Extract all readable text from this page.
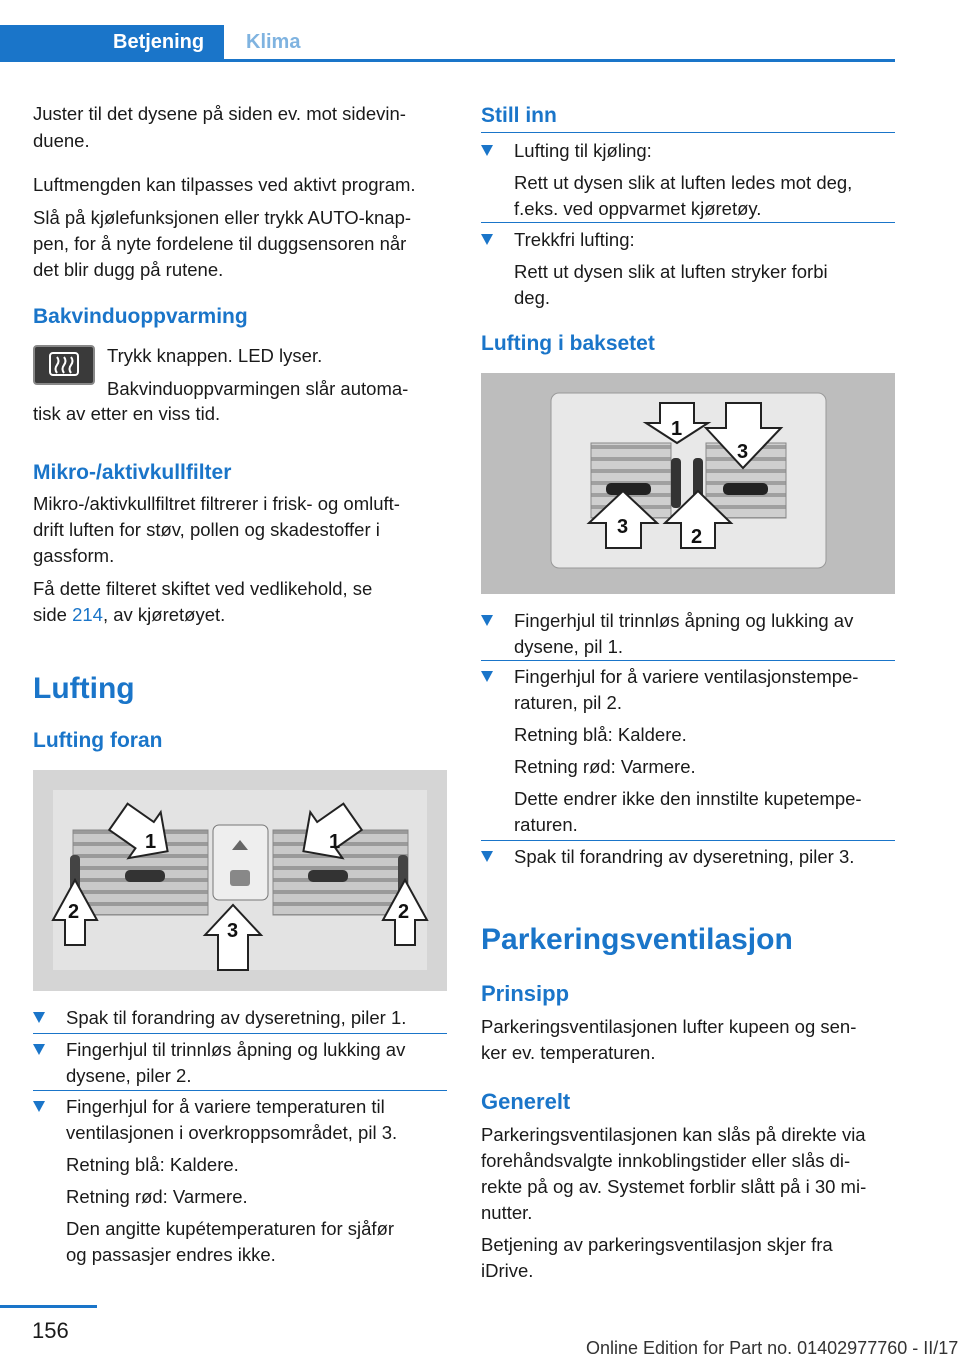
Betjening	Klima

Juster til det dysene på siden ev. mot sidevin-

duene.

Luftmengden kan tilpasses ved aktivt program.

Slå på kjølefunksjonen eller trykk AUTO-knap-

pen, for å nyte fordelene til duggsensoren når

det blir dugg på rutene.

Bakvinduoppvarming

Trykk knappen. LED lyser.

Bakvinduoppvarmingen slår automa-

tisk av etter en viss tid.

Mikro-/aktivkullfilter

Mikro-/aktivkullfiltret filtrerer i frisk- og omluft-

drift luften for støv, pollen og skadestoffer i

gassform.

Få dette filteret skiftet ved vedlikehold, se

side 214, av kjøretøyet.

Lufting
Lufting foran
1	1
2	2
3

Spak til forandring av dyseretning, piler 1.

Fingerhjul til trinnløs åpning og lukking av

dysene, piler 2.

Fingerhjul for å variere temperaturen til

ventilasjonen i overkroppsområdet, pil 3.

Retning blå: Kaldere.

Retning rød: Varmere.

Den angitte kupétemperaturen for sjåfør

og passasjer endres ikke.

Still inn

Lufting til kjøling:

Rett ut dysen slik at luften ledes mot deg,

f.eks. ved oppvarmet kjøretøy.

Trekkfri lufting:

Rett ut dysen slik at luften stryker forbi

deg.

Lufting i baksetet
1
3
3	2

Fingerhjul til trinnløs åpning og lukking av

dysene, pil 1.

Fingerhjul for å variere ventilasjonstempe-

raturen, pil 2.

Retning blå: Kaldere.

Retning rød: Varmere.

Dette endrer ikke den innstilte kupetempe-

raturen.

Spak til forandring av dyseretning, piler 3.

Parkeringsventilasjon
Prinsipp

Parkeringsventilasjonen lufter kupeen og sen-

ker ev. temperaturen.

Generelt

Parkeringsventilasjonen kan slås på direkte via

forehåndsvalgte innkoblingstider eller slås di-

rekte på og av. Systemet forblir slått på i 30 mi-

nutter.

Betjening av parkeringsventilasjon skjer fra

iDrive.

156
Online Edition for Part no. 01402977760 - II/17
